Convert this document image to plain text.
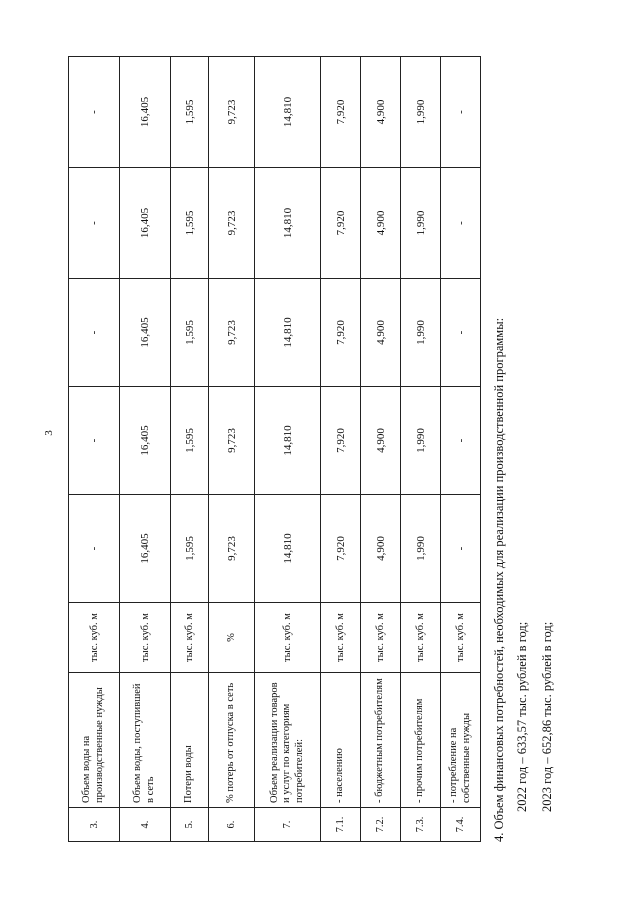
3
3.	Объем воды на производственные нужды	тыс. куб. м	-	-	-	-	-
4.	Объем воды, поступившей в сеть	тыс. куб. м	16,405	16,405	16,405	16,405	16,405
5.	Потери воды	тыс. куб. м	1,595	1,595	1,595	1,595	1,595
6.	% потерь от отпуска в сеть	%	9,723	9,723	9,723	9,723	9,723
7.	Объем реализации товаров и услуг по категориям потребителей:	тыс. куб. м	14,810	14,810	14,810	14,810	14,810
7.1.	- населению	тыс. куб. м	7,920	7,920	7,920	7,920	7,920
7.2.	- бюджетным потребителям	тыс. куб. м	4,900	4,900	4,900	4,900	4,900
7.3.	- прочим потребителям	тыс. куб. м	1,990	1,990	1,990	1,990	1,990
7.4.	- потребление на собственные нужды	тыс. куб. м	-	-	-	-	-

4. Объем финансовых потребностей, необходимых для реализации производственной программы: 2022 год – 633,57 тыс. рублей в год; 2023 год – 652,86 тыс. рублей в год;
